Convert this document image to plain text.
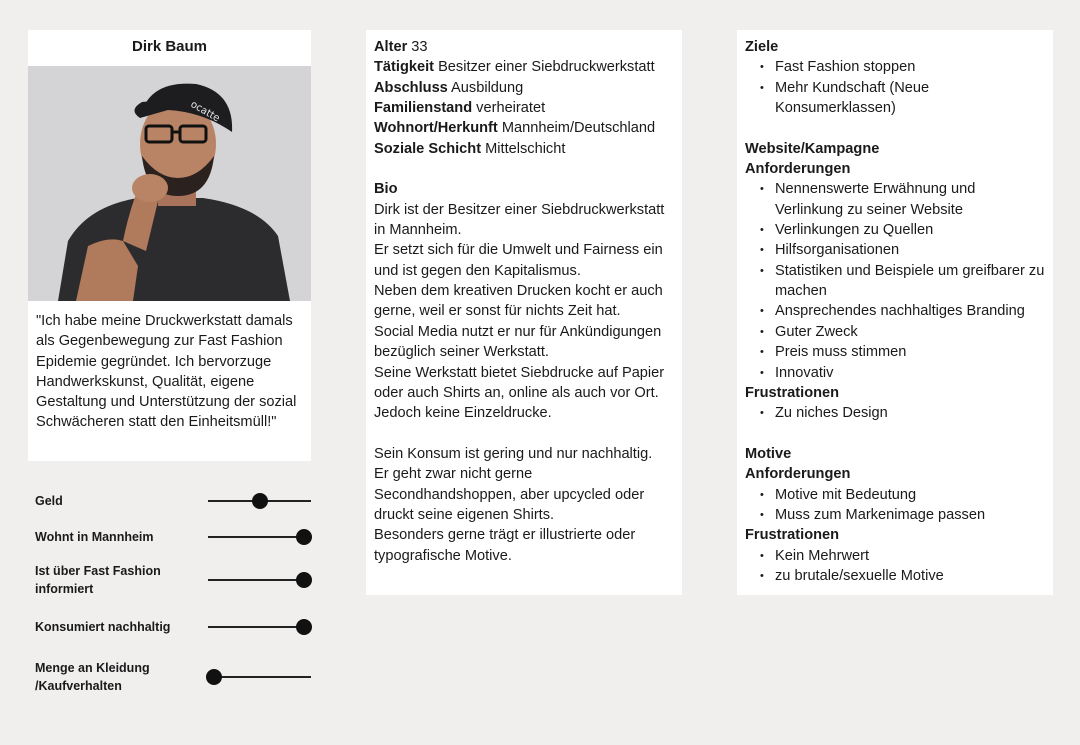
Dirk Baum
ocatte
"Ich habe meine Druckwerkstatt damals als Gegenbewegung zur Fast Fashion Epidemie gegründet. Ich bervorzuge Handwerkskunst, Qualität, eigene Gestaltung und Unterstützung der sozial Schwächeren statt den Einheitsmüll!"
Geld
Wohnt in Mannheim
Ist über Fast Fashion informiert
Konsumiert nachhaltig
Menge an Kleidung /Kaufverhalten
Alter 33
Tätigkeit Besitzer einer Siebdruckwerkstatt
Abschluss Ausbildung
Familienstand verheiratet
Wohnort/Herkunft Mannheim/Deutschland
Soziale Schicht Mittelschicht
Bio
Dirk ist der Besitzer einer Siebdruckwerkstatt in Mannheim.
Er setzt sich für die Umwelt und Fairness ein und ist gegen den Kapitalismus.
Neben dem kreativen Drucken kocht er auch gerne, weil er sonst für nichts Zeit hat.
Social Media nutzt er nur für Ankündigungen bezüglich seiner Werkstatt.
Seine Werkstatt bietet Siebdrucke auf Papier oder auch Shirts an, online als auch vor Ort. Jedoch keine Einzeldrucke.
Sein Konsum ist gering und nur nachhaltig.
Er geht zwar nicht gerne Secondhandshoppen, aber upcycled oder druckt seine eigenen Shirts.
Besonders gerne trägt er illustrierte oder typografische Motive.
Ziele
• Fast Fashion stoppen
• Mehr Kundschaft (Neue Konsumerklassen)
Website/Kampagne
Anforderungen
• Nennenswerte Erwähnung und Verlinkung zu seiner Website
• Verlinkungen zu Quellen
• Hilfsorganisationen
• Statistiken und Beispiele um greifbarer zu machen
• Ansprechendes nachhaltiges Branding
• Guter Zweck
• Preis muss stimmen
• Innovativ
Frustrationen
• Zu niches Design
Motive
Anforderungen
• Motive mit Bedeutung
• Muss zum Markenimage passen
Frustrationen
• Kein Mehrwert
• zu brutale/sexuelle Motive
